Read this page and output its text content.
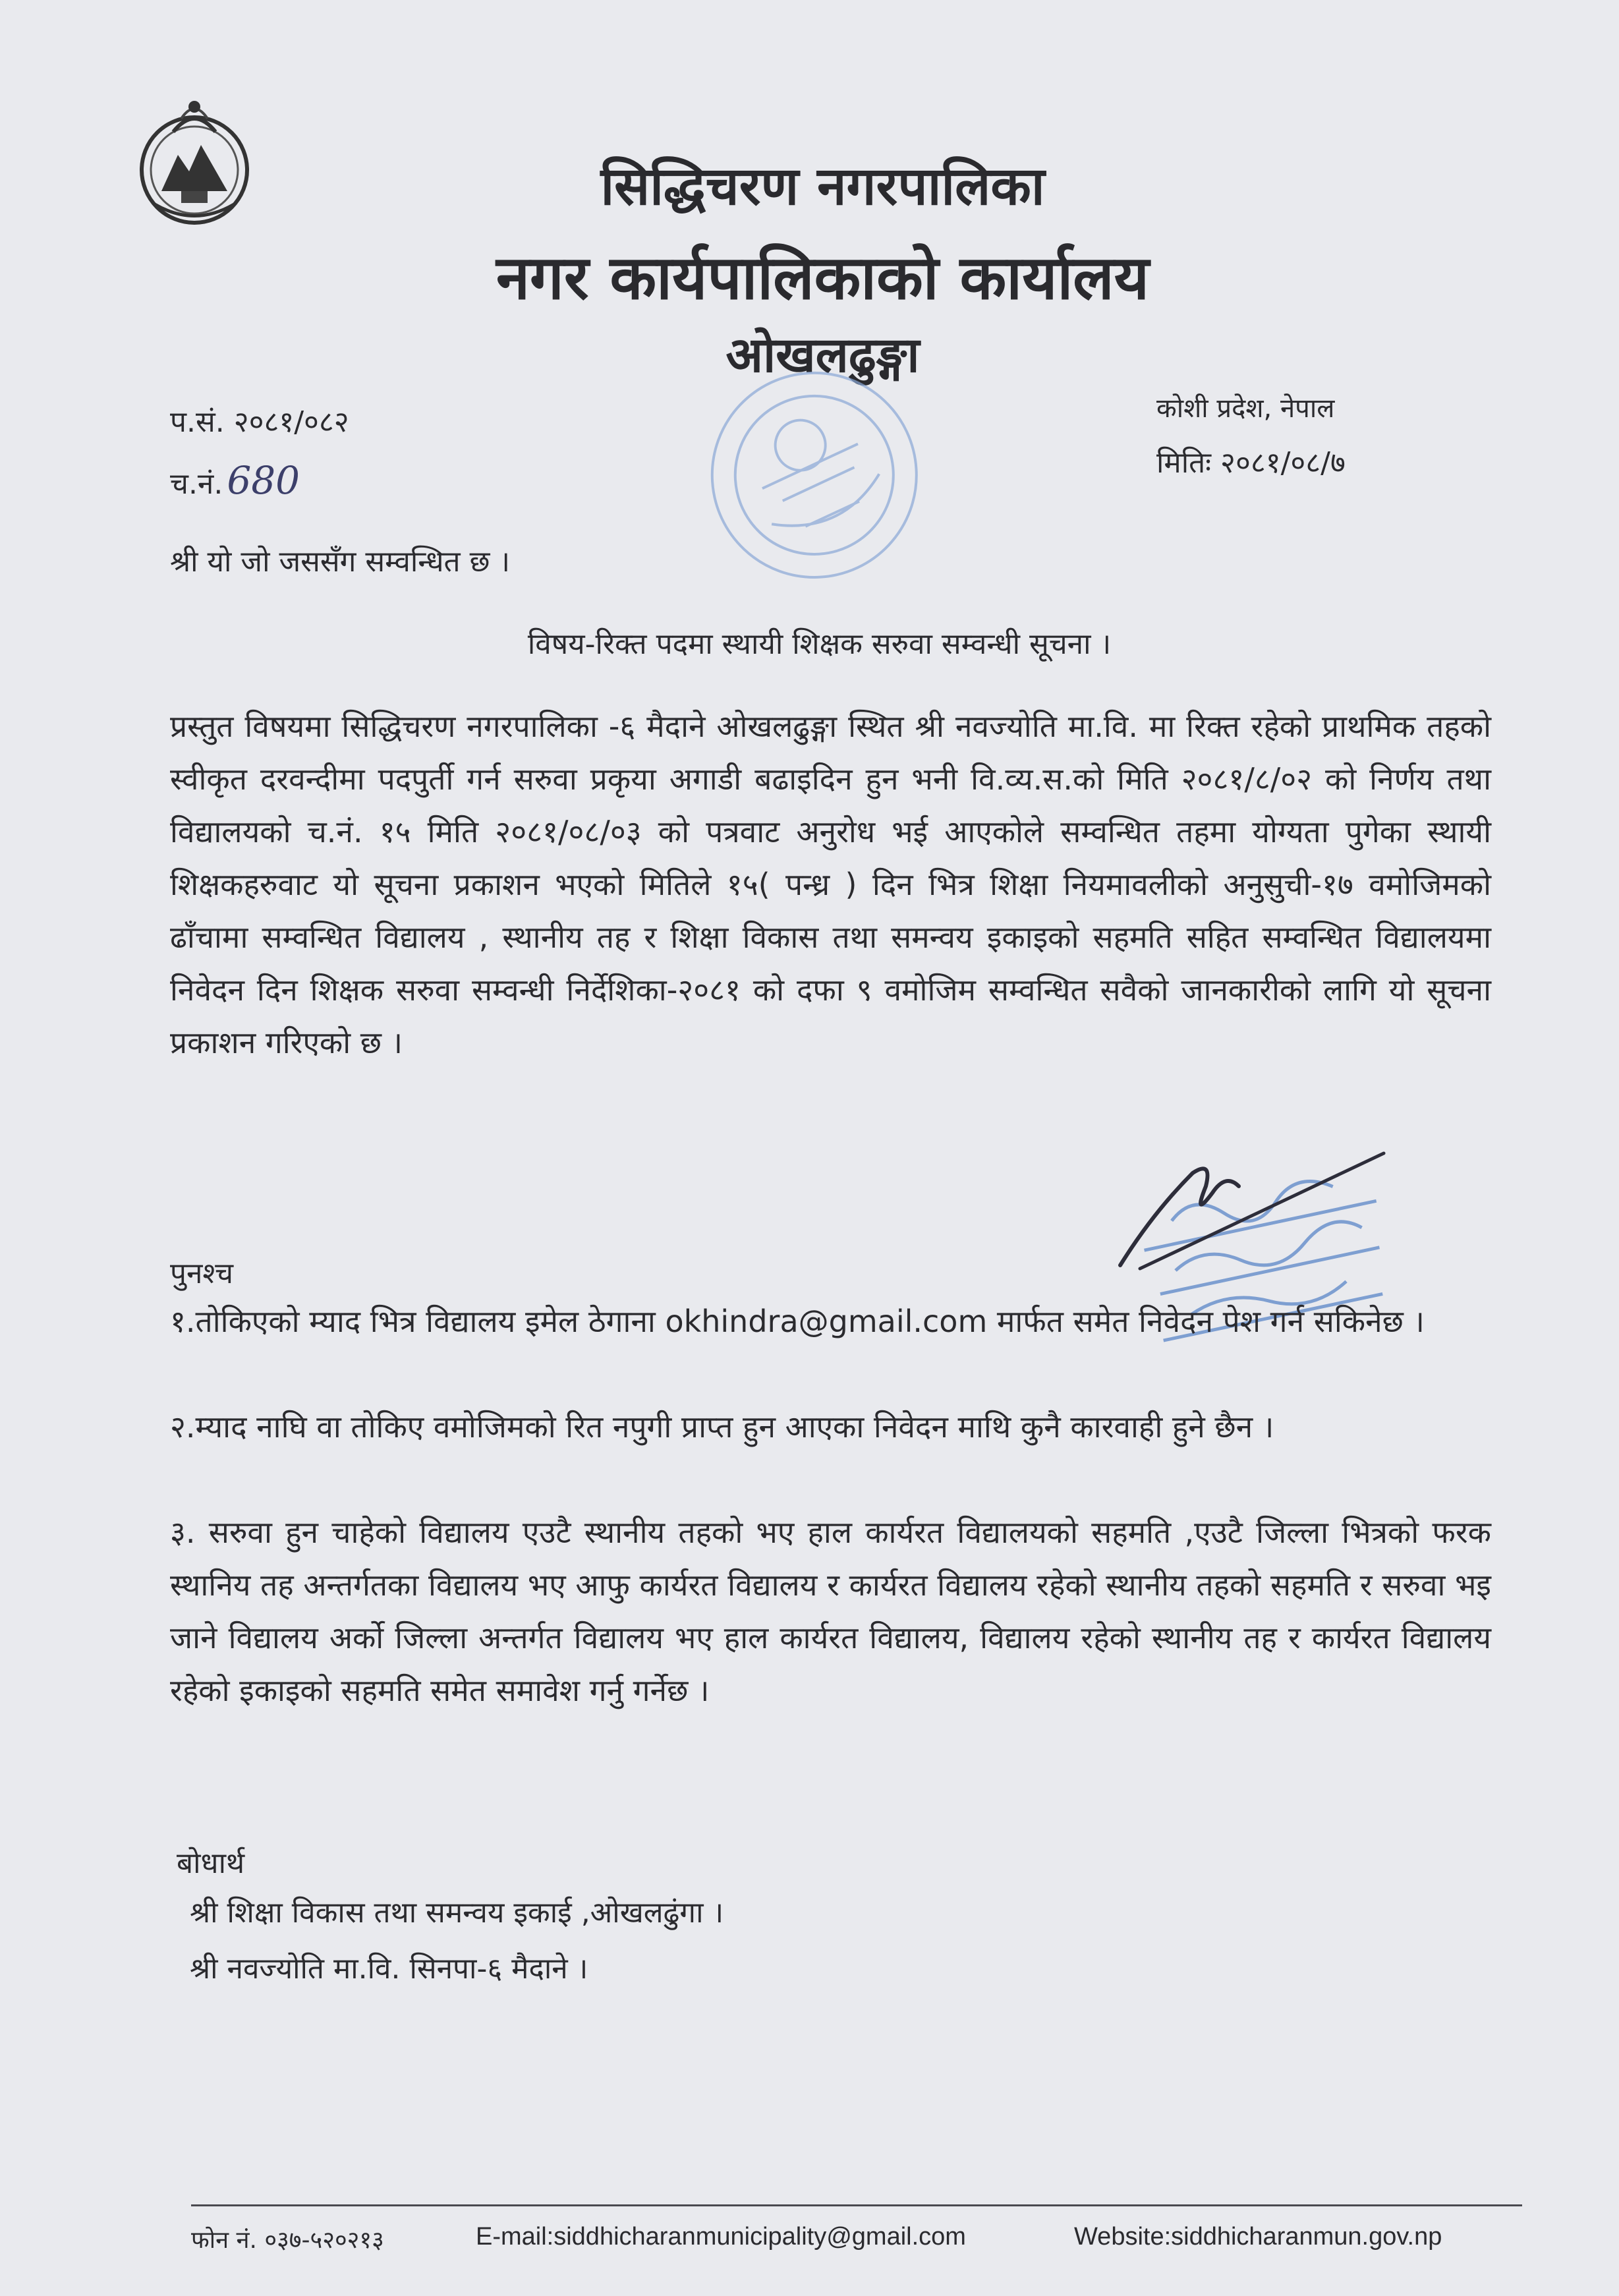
सिद्धिचरण नगरपालिका
नगर कार्यपालिकाको कार्यालय
ओखलढुङ्गा
प.सं. २०८१/०८२
च.नं. 680
कोशी प्रदेश, नेपाल
मितिः २०८१/०८/७
श्री यो जो जससँग सम्वन्धित छ ।
विषय-रिक्त पदमा स्थायी शिक्षक सरुवा सम्वन्धी सूचना ।

प्रस्तुत विषयमा सिद्धिचरण नगरपालिका -६ मैदाने ओखलढुङ्गा स्थित श्री नवज्योति मा.वि. मा रिक्त रहेको प्राथमिक तहको स्वीकृत दरवन्दीमा पदपुर्ती गर्न सरुवा प्रकृया अगाडी बढाइदिन हुन भनी वि.व्य.स.को मिति २०८१/८/०२ को निर्णय तथा विद्यालयको च.नं. १५ मिति २०८१/०८/०३ को पत्रवाट अनुरोध भई आएकोले सम्वन्धित तहमा योग्यता पुगेका स्थायी शिक्षकहरुवाट यो सूचना प्रकाशन भएको मितिले १५( पन्ध्र ) दिन भित्र शिक्षा नियमावलीको अनुसुची-१७ वमोजिमको ढाँचामा सम्वन्धित विद्यालय , स्थानीय तह र शिक्षा विकास तथा समन्वय इकाइको सहमति सहित सम्वन्धित विद्यालयमा निवेदन दिन शिक्षक सरुवा सम्वन्धी निर्देशिका-२०८१ को दफा ९ वमोजिम सम्वन्धित सवैको जानकारीको लागि यो सूचना प्रकाशन गरिएको छ ।

पुनश्च

१.तोकिएको म्याद भित्र विद्यालय इमेल ठेगाना okhindra@gmail.com मार्फत समेत निवेदन पेश गर्न सकिनेछ ।

२.म्याद नाघि वा तोकिए वमोजिमको रित नपुगी प्राप्त हुन आएका निवेदन माथि कुनै कारवाही हुने छैन ।

३. सरुवा हुन चाहेको विद्यालय एउटै स्थानीय तहको भए हाल कार्यरत विद्यालयको सहमति ,एउटै जिल्ला भित्रको फरक स्थानिय तह अन्तर्गतका विद्यालय भए आफु कार्यरत विद्यालय र कार्यरत विद्यालय रहेको स्थानीय तहको सहमति र सरुवा भइ जाने विद्यालय अर्को जिल्ला अन्तर्गत विद्यालय भए हाल कार्यरत विद्यालय, विद्यालय रहेको स्थानीय तह र कार्यरत विद्यालय रहेको इकाइको सहमति समेत समावेश गर्नु गर्नेछ ।

बोधार्थ
श्री शिक्षा विकास तथा समन्वय इकाई ,ओखलढुंगा ।
श्री नवज्योति मा.वि. सिनपा-६ मैदाने ।
फोन नं. ०३७-५२०२१३	E-mail:siddhicharanmunicipality@gmail.com	Website:siddhicharanmun.gov.np
